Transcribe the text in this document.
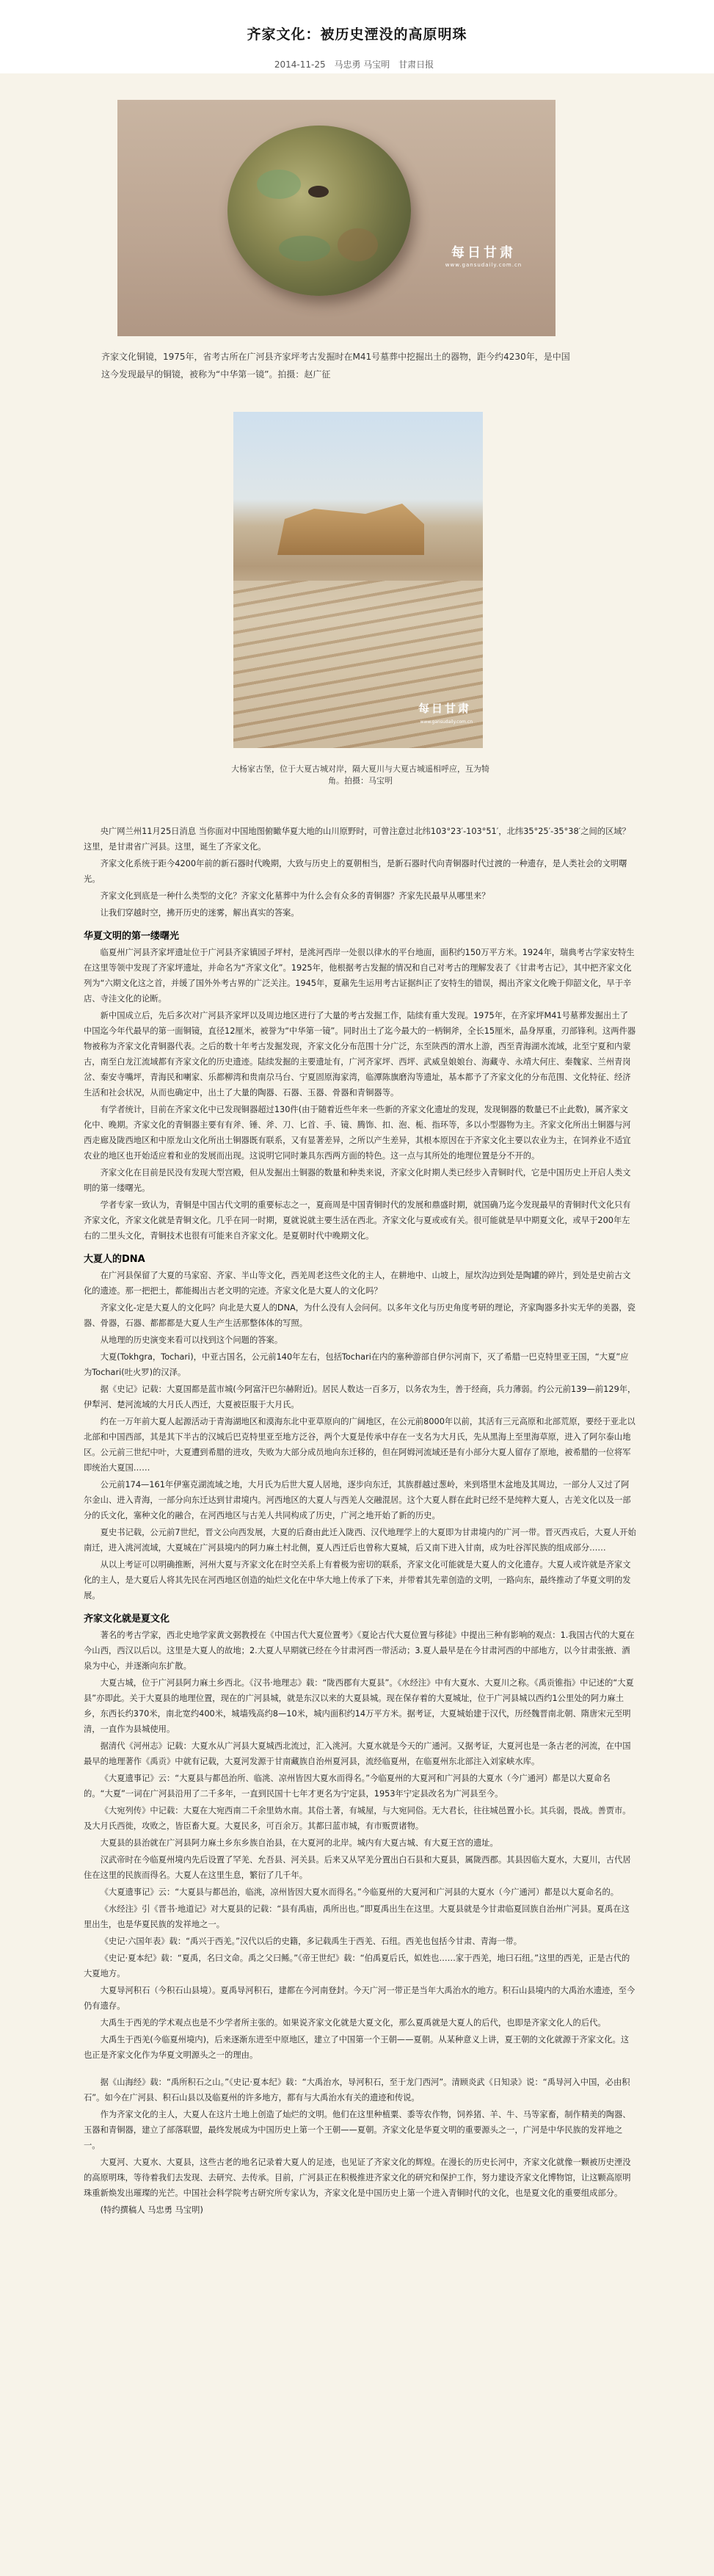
齐家文化：被历史湮没的高原明珠
2014-11-25 马忠勇 马宝明 甘肃日报
每日甘肃
www.gansudaily.com.cn
齐家文化铜镜，1975年，省考古所在广河县齐家坪考古发掘时在M41号墓葬中挖掘出土的器物，距今约4230年，是中国这今发现最早的铜镜，被称为“中华第一镜”。拍摄：赵广征
每日甘肃
www.gansudaily.com.cn
大杨家古堡，位于大夏古城对岸，隔大夏川与大夏古城遥相呼应，互为犄角。拍摄：马宝明

央广网兰州11月25日消息 当你面对中国地图俯瞰华夏大地的山川原野时，可曾注意过北纬103°23′-103°51′，北纬35°25′-35°38′之间的区域？这里，是甘肃省广河县。这里，诞生了齐家文化。

齐家文化系统于距今4200年前的新石器时代晚期，大致与历史上的夏朝相当，是新石器时代向青铜器时代过渡的一种遗存，是人类社会的文明曙光。

齐家文化到底是一种什么类型的文化？齐家文化墓葬中为什么会有众多的青铜器？齐家先民最早从哪里来？

让我们穿越时空，拂开历史的迷雾，解出真实的答案。

华夏文明的第一缕曙光

临夏州广河县齐家坪遗址位于广河县齐家镇园子坪村，是洮河西岸一处很以律水的平台地面，面积约150万平方米。1924年，瑞典考古学家安特生在这里等领中发现了齐家坪遗址，并命名为“齐家文化”。1925年，他根据考古发掘的情况和自己对考古的理解发表了《甘肃考古记》，其中把齐家文化列为“六期文化这之首，并缓了国外外考古界的广泛关注。1945年，夏鼐先生运用考古证据纠正了安特生的错误，揭出齐家文化晚于仰韶文化，早于辛店、寺洼文化的论断。

新中国成立后，先后多次对广河县齐家坪以及周边地区进行了大量的考古发掘工作，陆续有重大发现。1975年，在齐家坪M41号墓葬发掘出土了中国迄今年代最早的第一面铜镜，直径12厘米，被誉为“中华第一镜”。同时出土了迄今最大的一柄铜斧，全长15厘米，晶身厚重，刃部锋利。这两件器物被称为齐家文化青铜器代表。之后的数十年考古发掘发现，齐家文化分布范围十分广泛，东至陕西的渭水上游，西至青海湖水流域，北至宁夏和内蒙古，南至白龙江流域都有齐家文化的历史遗迹。陆续发掘的主要遗址有，广河齐家坪、西坪、武威皇娘娘台、海藏寺、永靖大何庄、秦魏家、兰州青岗岔、秦安寺嘴坪，青海民和喇家、乐都柳湾和贵南尕马台、宁夏固原海家湾，临潭陈旗磨沟等遗址，基本都予了齐家文化的分布范围、文化特征、经济生活和社会状况，从而也确定中，出土了大量的陶器、石器、玉器、骨器和青铜器等。

有学者统计，目前在齐家文化中已发现铜器超过130件(由于随着近些年来一些新的齐家文化遗址的发现，发现铜器的数量已不止此数)，属齐家文化中、晚期。齐家文化的青铜器主要有有斧、锤、斧、刀、匕首、手、镜、腾饰、扣、泡、栀、指环等，多以小型器物为主。齐家文化所出土铜器与河西走廊及陇西地区和中原龙山文化所出土铜器既有联系，又有显著差异，之所以产生差异，其根本原因在于齐家文化主要以农业为主，在饲养业不适宜农业的地区也开始适应着和业的发展而出现。这说明它同时兼具东西两方面的特色。这一点与其所处的地理位置是分不开的。

齐家文化在目前是民没有发现大型宫殿，但从发掘出土铜器的数量和种类来说，齐家文化时期人类已经步入青铜时代，它是中国历史上开启人类文明的第一缕曙光。

学者专家一致认为，青铜是中国古代文明的重要标志之一，夏商周是中国青铜时代的发展和鼎盛时期，就国确乃迄今发现最早的青铜时代文化只有齐家文化，齐家文化就是青铜文化。几乎在同一时期，夏就说就主要生活在西北。齐家文化与夏或或有关。很可能就是早中期夏文化，或早于200年左右的二里头文化，青铜技术也很有可能来自齐家文化。是夏朝时代中晚期文化。

大夏人的DNA

在广河县保留了大夏的马家窑、齐家、半山等文化，西羌周老这些文化的主人，在耕地中、山坡上，屋坎沟边到处是陶罐的碎片，到处是史前古文化的遗迹。那一把把土，都能揭出古老文明的完迹。齐家文化是大夏人的文化吗？

齐家文化-定是大夏人的文化吗？向北是大夏人的DNA，为什么没有人会问何。以多年文化与历史角度考研的理论，齐家陶器多扑实无华的美器，瓷器、骨器，石器、都都都是大夏人生产生活那整体体的写照。

从地理的历史演变来看可以找到这个问题的答案。

大夏(Tokhgra，Tochari)，中亚古国名，公元前140年左右，包括Tochari在内的塞种游部自伊尔河南下，灭了希腊一巴克特里亚王国，“大夏”应为Tochari(吐火罗)的汉泽。

据《史记》记载：大夏国都是蓝市城(今阿富汗巴尔赫附近)。居民人数达一百多万，以务农为生，善于经商，兵力薄弱。约公元前139—前129年，伊犁河、楚河流域的大月氏人西迁，大夏被臣服于大月氏。

约在一万年前大夏人起源活动于青海湖地区和漠海东北中亚草原向的广阔地区，在公元前8000年以前，其活有三元高原和北部荒原，要经于亚北以北部和中国西部，其是其下半古的汉城后巴克特里亚至地方泛谷，两个大夏是传承中存在一支名为大月氏，先从黑海上至里海草原，进入了阿尔泰山地区。公元前三世纪中叶，大夏遭到希腊的进攻，失败为大部分成员地向东迁移的，但在阿姆河流域还是有小部分大夏人留存了原地，被希腊的一位将军即统治大夏国……

公元前174—161年伊塞克湖流域之地，大月氏为后世大夏人居地，逐步向东迁，其族群越过葱岭，来到塔里木盆地及其周边，一部分人又过了阿尔金山、进入青海，一部分向东迁达到甘肃境内。河西地区的大夏人与西羌人交融混居。这个大夏人群在此时已经不是纯粹大夏人，古羌文化以及一部分的氏文化，塞种文化的融合，在河西地区与古羌人共同构成了历史，广河之地开始了新的历史。

夏史书记载，公元前7世纪，晋文公向西发展，大夏的后裔由此迁入陇西、汉代地理学上的大夏即为甘肃境内的广河一带。晋灭西戎后，大夏人开始南迁，进入洮河流域，大夏城在广河县境内的阿力麻土村北侧，夏人西迁后也曾称大夏城，后又南下进入甘南，成为吐谷浑民族的组成部分……

从以上考证可以明确推断，河州大夏与齐家文化在时空关系上有着极为密切的联系，齐家文化可能就是大夏人的文化遗存。大夏人或许就是齐家文化的主人，是大夏后人将其先民在河西地区创造的灿烂文化在中华大地上传承了下来，并带着其先辈创造的文明，一路向东，最终推动了华夏文明的发展。

齐家文化就是夏文化

著名的考古学家，西北史地学家黄文弼教授在《中国古代大夏位置考》《夏论古代大夏位置与移徒》中提出三种有影响的观点：1.我国古代的大夏在今山西，西汉以后以。这里是大夏人的故地；2.大夏人早期就已经在今甘肃河西一带活动；3.夏人最早是在今甘肃河西的中部地方，以今甘肃张掖、酒泉为中心，并逐渐向东扩散。

大夏古城，位于广河县阿力麻土乡西北。《汉书·地理志》载：“陇西郡有大夏县”。《水经注》中有大夏水、大夏川之称。《禹贡锥指》中记述的“大夏县”亦即此。关于大夏县的地理位置，现在的广河县城，就是东汉以来的大夏县城。现在保存着的大夏城址，位于广河县城以西约1公里处的阿力麻土乡，东西长约370米，南北宽约400米，城墙残高约8—10米，城内面积约14万平方米。据考证，大夏城始建于汉代，历经魏晋南北朝、隋唐宋元至明清，一直作为县城使用。

据清代《河州志》记载：大夏水从广河县大夏城西北流过，汇入洮河。大夏水就是今天的广通河。又据考证，大夏河也是一条古老的河流，在中国最早的地理著作《禹贡》中就有记载，大夏河发源于甘南藏族自治州夏河县，流经临夏州，在临夏州东北部注入刘家峡水库。

《大夏遗事记》云：“大夏县与都邑治所、临洮、凉州皆因大夏水而得名。”今临夏州的大夏河和广河县的大夏水（今广通河）都是以大夏命名的。“大夏”一词在广河县沿用了二千多年，一直到民国十七年才更名为宁定县，1953年宁定县改名为广河县至今。

《大宛列传》中记载：大夏在大宛西南二千余里妫水南。其俗土著，有城屋，与大宛同俗。无大君长，往往城邑置小长。其兵弱，畏战。善贾市。及大月氏西徙，攻败之，皆臣畜大夏。大夏民多，可百余万。其都曰蓝市城，有市贩贾诸物。

大夏县的县治就在广河县阿力麻土乡东乡族自治县，在大夏河的北岸。城内有大夏古城、有大夏王宫的遗址。

汉武帝时在今临夏州境内先后设置了罕羌、允吾县、河关县。后来又从罕羌分置出白石县和大夏县，属陇西郡。其县因临大夏水，大夏川，古代居住在这里的民族而得名。大夏人在这里生息，繁衍了几千年。

《大夏遗事记》云：“大夏县与都邑治，临洮，凉州皆因大夏水而得名。”今临夏州的大夏河和广河县的大夏水（今广通河）都是以大夏命名的。

《水经注》引《晋书·地道记》对大夏县的记载：“县有禹庙，禹所出也。”即夏禹出生在这里。大夏县就是今甘肃临夏回族自治州广河县。夏禹在这里出生，也是华夏民族的发祥地之一。

《史记·六国年表》载：“禹兴于西羌。”汉代以后的史籍，多记载禹生于西羌、石纽。西羌也包括今甘肃、青海一带。

《史记·夏本纪》载：“夏禹，名曰文命。禹之父曰鲧。”《帝王世纪》载：“伯禹夏后氏，姒姓也……家于西羌，地曰石纽。”这里的西羌，正是古代的大夏地方。

大夏导河积石（今积石山县境）。夏禹导河积石，建都在今河南登封。今天广河一带正是当年大禹治水的地方。积石山县境内的大禹治水遗迹，至今仍有遗存。

大禹生于西羌的学术观点也是不少学者所主张的。如果说齐家文化就是大夏文化，那么夏禹就是大夏人的后代，也即是齐家文化人的后代。

大禹生于西羌(今临夏州境内)，后来逐渐东进至中原地区，建立了中国第一个王朝——夏朝。从某种意义上讲，夏王朝的文化就源于齐家文化。这也正是齐家文化作为华夏文明源头之一的理由。

据《山海经》载：“禹所积石之山。”《史记·夏本纪》载：“大禹治水，导河积石，至于龙门西河”。清顾炎武《日知录》说：“禹导河入中国，必由积石”。如今在广河县、积石山县以及临夏州的许多地方，都有与大禹治水有关的遗迹和传说。

作为齐家文化的主人，大夏人在这片土地上创造了灿烂的文明。他们在这里种植粟、黍等农作物，饲养猪、羊、牛、马等家畜，制作精美的陶器、玉器和青铜器，建立了部落联盟，最终发展成为中国历史上第一个王朝——夏朝。齐家文化是华夏文明的重要源头之一，广河是中华民族的发祥地之一。

大夏河、大夏水、大夏县，这些古老的地名记录着大夏人的足迹，也见证了齐家文化的辉煌。在漫长的历史长河中，齐家文化就像一颗被历史湮没的高原明珠，等待着我们去发现、去研究、去传承。目前，广河县正在积极推进齐家文化的研究和保护工作，努力建设齐家文化博物馆，让这颗高原明珠重新焕发出璀璨的光芒。中国社会科学院考古研究所专家认为，齐家文化是中国历史上第一个进入青铜时代的文化，也是夏文化的重要组成部分。

(特约撰稿人 马忠勇 马宝明)
